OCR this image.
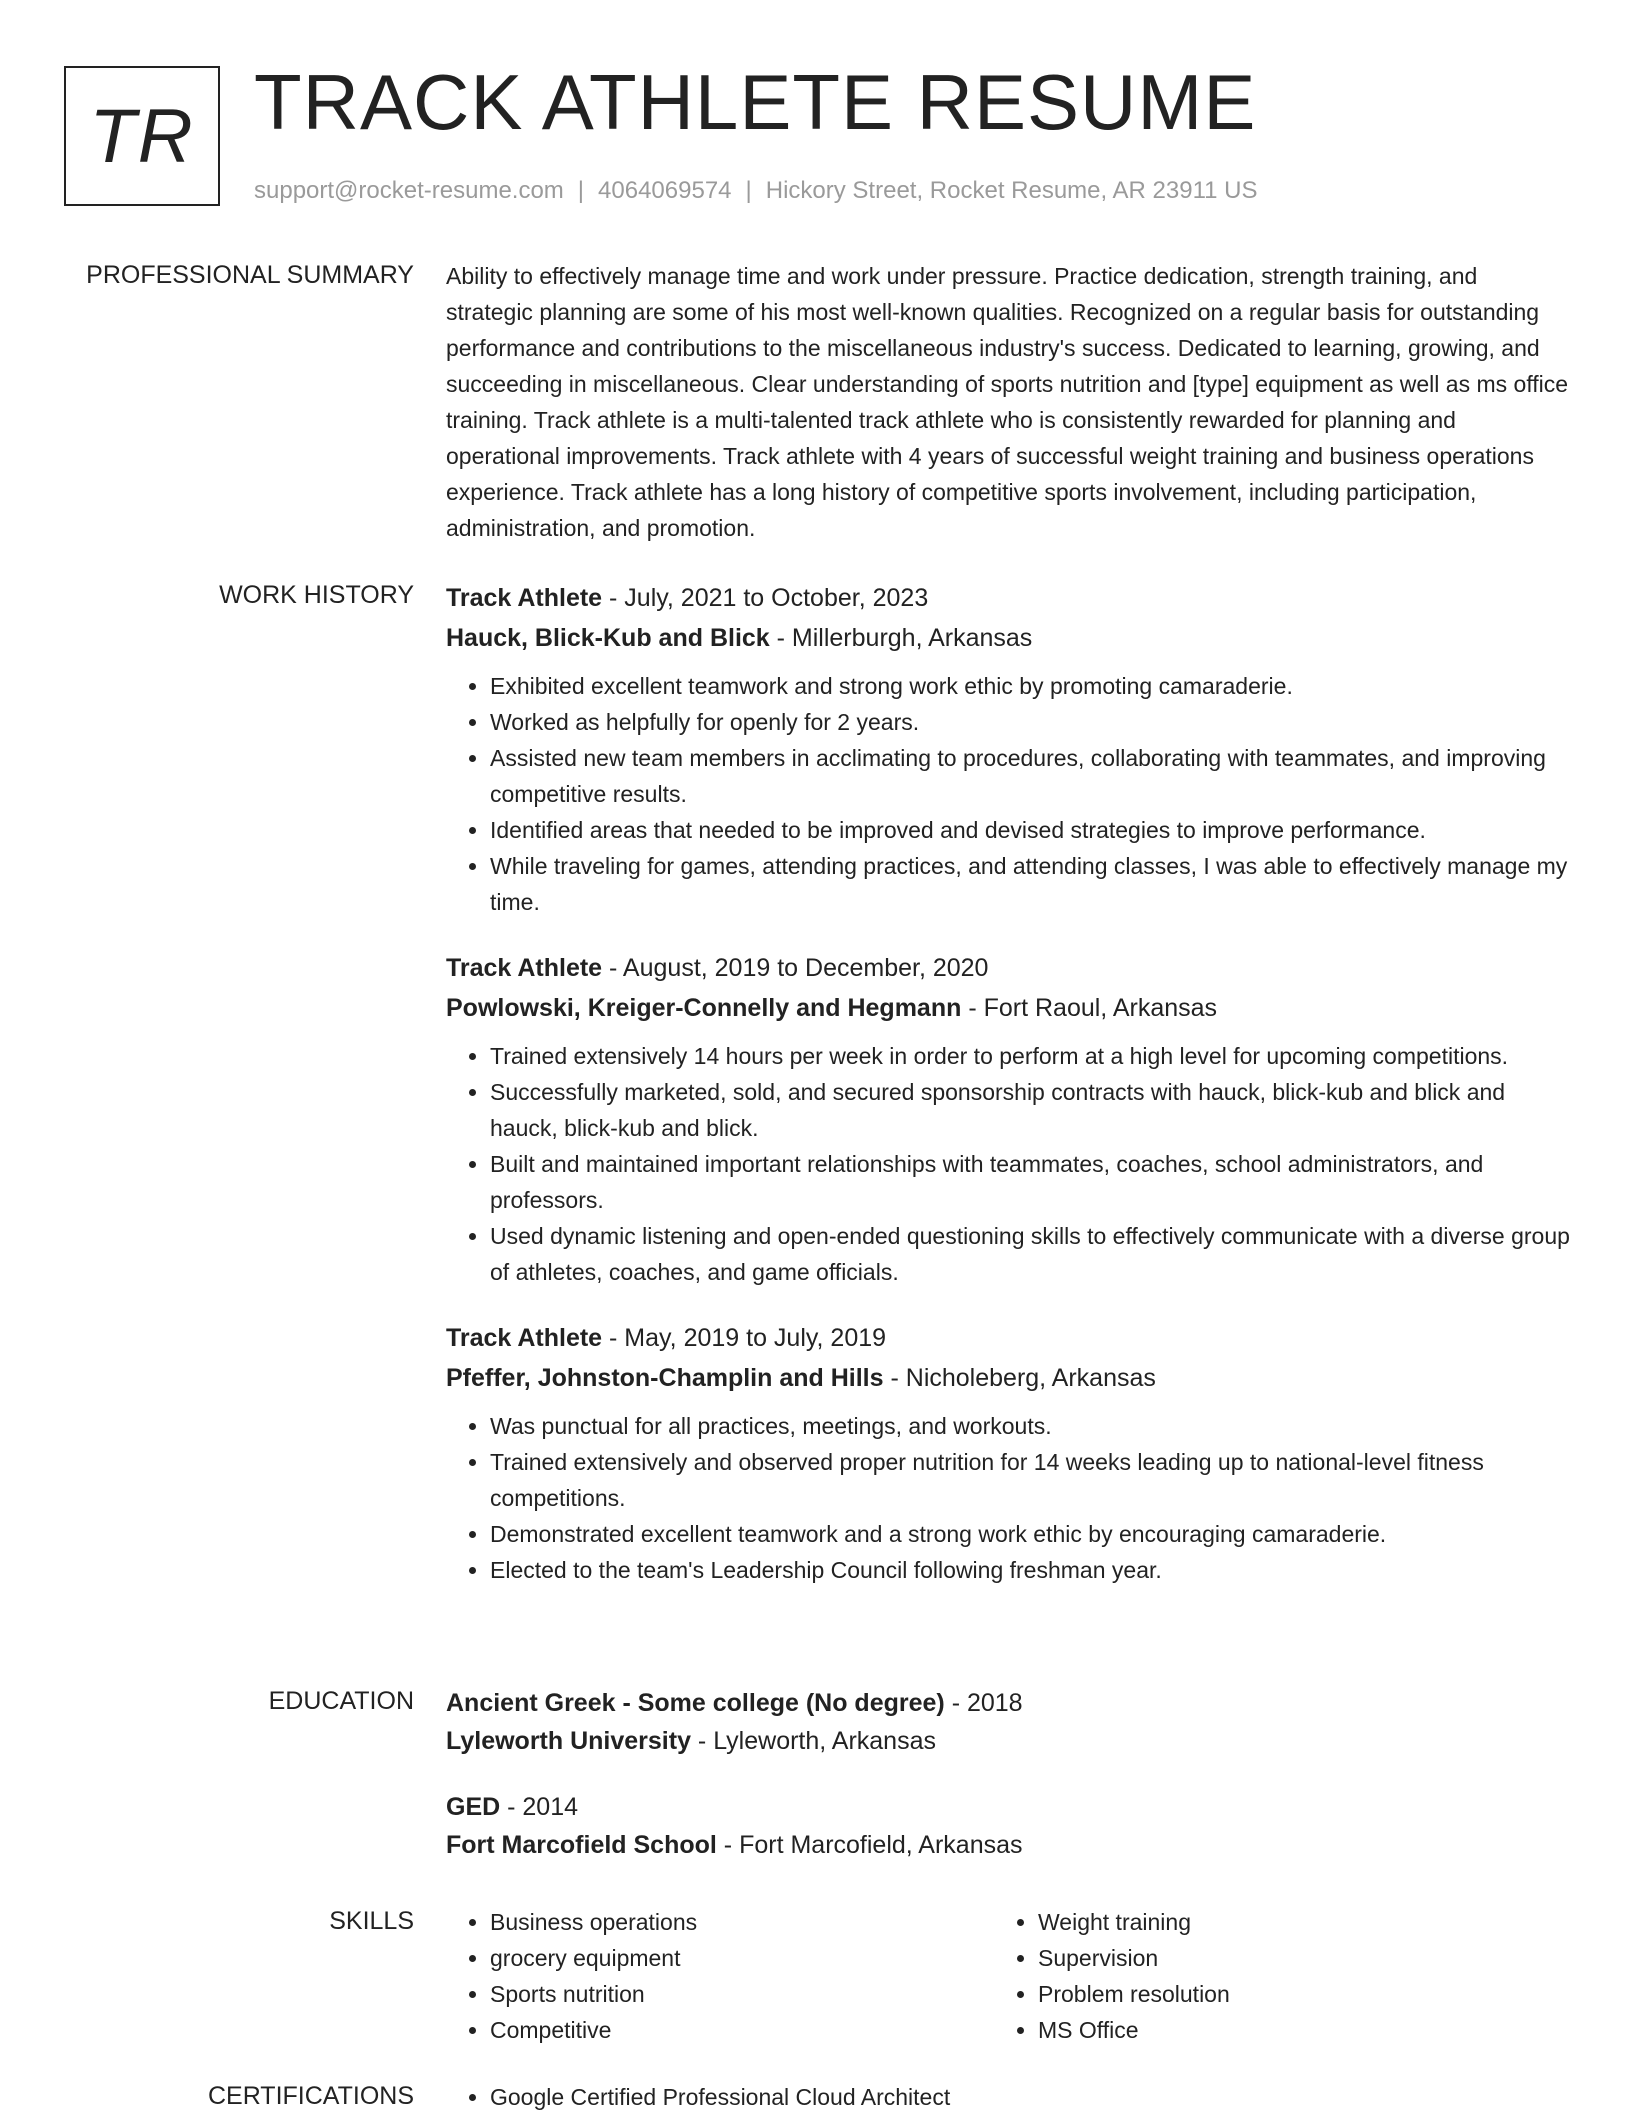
TR TRACK ATHLETE RESUME
support@rocket-resume.com | 4064069574 | Hickory Street, Rocket Resume, AR 23911 US
PROFESSIONAL SUMMARY Ability to effectively manage time and work under pressure. Practice dedication, strength training, and strategic planning are some of his most well-known qualities. Recognized on a regular basis for outstanding performance and contributions to the miscellaneous industry's success. Dedicated to learning, growing, and succeeding in miscellaneous. Clear understanding of sports nutrition and [type] equipment as well as ms office training. Track athlete is a multi-talented track athlete who is consistently rewarded for planning and operational improvements. Track athlete with 4 years of successful weight training and business operations experience. Track athlete has a long history of competitive sports involvement, including participation, administration, and promotion.

WORK HISTORY Track Athlete - July, 2021 to October, 2023
Hauck, Blick-Kub and Blick - Millerburgh, Arkansas
• Exhibited excellent teamwork and strong work ethic by promoting camaraderie.
• Worked as helpfully for openly for 2 years.
• Assisted new team members in acclimating to procedures, collaborating with teammates, and improving competitive results.
• Identified areas that needed to be improved and devised strategies to improve performance.
• While traveling for games, attending practices, and attending classes, I was able to effectively manage my time.
Track Athlete - August, 2019 to December, 2020
Powlowski, Kreiger-Connelly and Hegmann - Fort Raoul, Arkansas
• Trained extensively 14 hours per week in order to perform at a high level for upcoming competitions.
• Successfully marketed, sold, and secured sponsorship contracts with hauck, blick-kub and blick and hauck, blick-kub and blick.
• Built and maintained important relationships with teammates, coaches, school administrators, and professors.
• Used dynamic listening and open-ended questioning skills to effectively communicate with a diverse group of athletes, coaches, and game officials.
Track Athlete - May, 2019 to July, 2019
Pfeffer, Johnston-Champlin and Hills - Nicholeberg, Arkansas
• Was punctual for all practices, meetings, and workouts.
• Trained extensively and observed proper nutrition for 14 weeks leading up to national-level fitness competitions.
• Demonstrated excellent teamwork and a strong work ethic by encouraging camaraderie.
• Elected to the team's Leadership Council following freshman year.
EDUCATION Ancient Greek - Some college (No degree) - 2018
Lyleworth University - Lyleworth, Arkansas
GED - 2014
Fort Marcofield School - Fort Marcofield, Arkansas
SKILLS	• Business operations
• grocery equipment
• Sports nutrition
• Competitive
• Weight training
• Supervision
• Problem resolution
• MS Office
CERTIFICATIONS	• Google Certified Professional Cloud Architect
